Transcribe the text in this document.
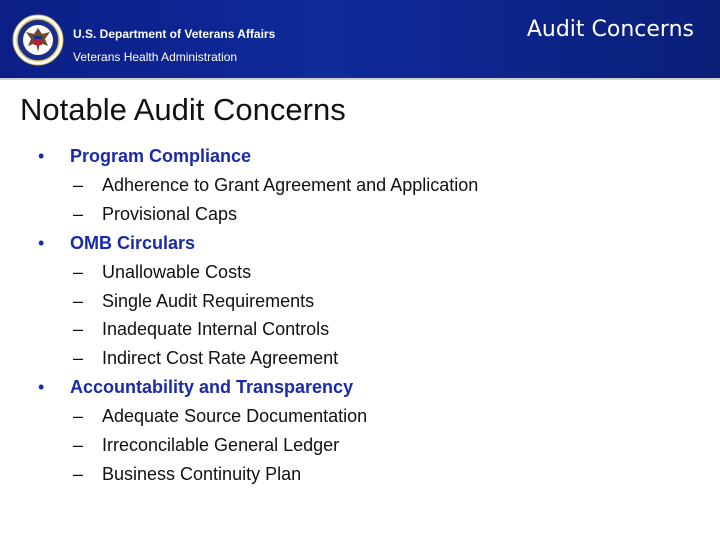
U.S. Department of Veterans Affairs
Veterans Health Administration
Audit Concerns
Notable Audit Concerns
• Program Compliance
– Adherence to Grant Agreement and Application
– Provisional Caps
• OMB Circulars
– Unallowable Costs
– Single Audit Requirements
– Inadequate Internal Controls
– Indirect Cost Rate Agreement
• Accountability and Transparency
– Adequate Source Documentation
– Irreconcilable General Ledger
– Business Continuity Plan
